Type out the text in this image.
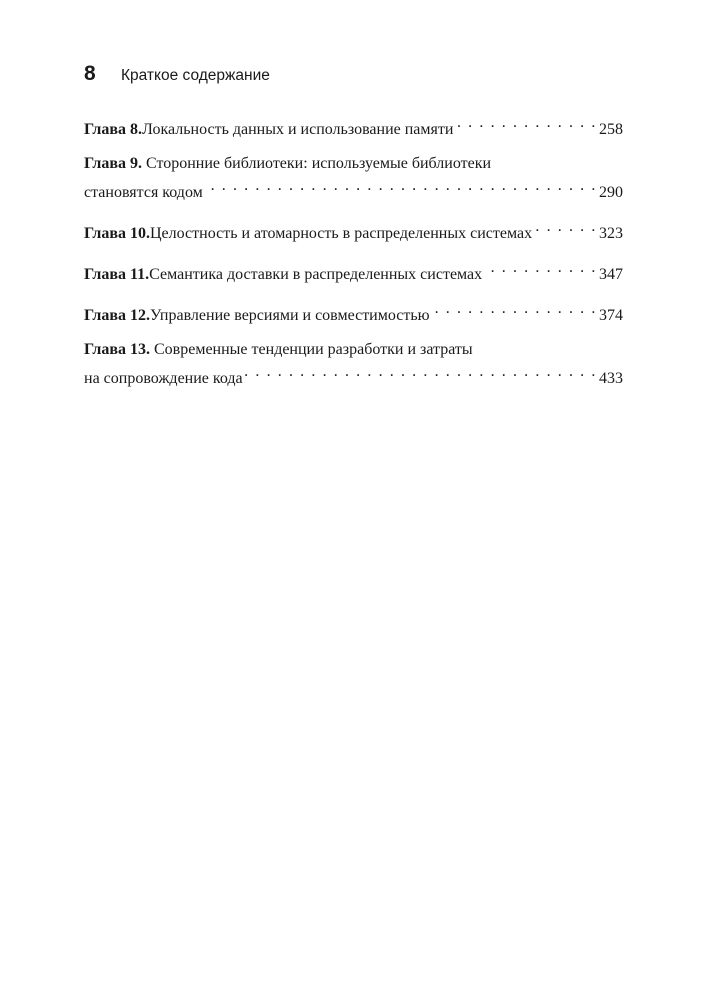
8	Краткое содержание
Глава 8. Локальность данных и использование памяти . . .	258
Глава 9. Сторонние библиотеки: используемые библиотеки
становятся кодом . . .	290
Глава 10. Целостность и атомарность в распределенных системах . . .	323
Глава 11. Семантика доставки в распределенных системах . . .	347
Глава 12. Управление версиями и совместимостью . . .	374
Глава 13. Современные тенденции разработки и затраты
на сопровождение кода . . .	433
